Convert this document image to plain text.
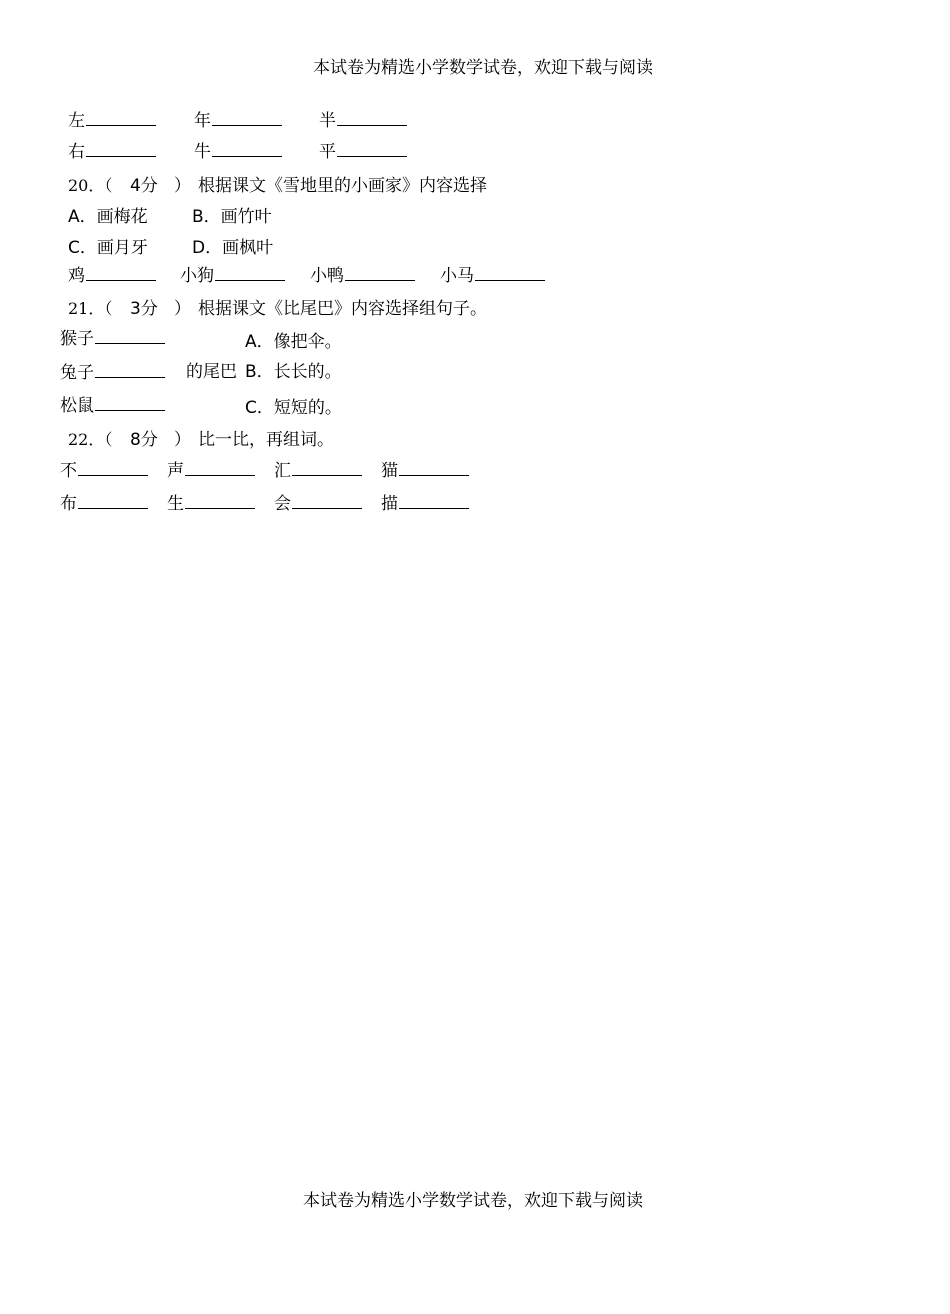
本试卷为精选小学数学试卷，欢迎下载与阅读
左	年	半
右	牛	平
20．（ 4分 ） 根据课文《雪地里的小画家》内容选择
A．画梅花	B．画竹叶
C．画月牙	D．画枫叶
鸡	小狗	小鸭	小马
21．（ 3分 ） 根据课文《比尾巴》内容选择组句子。
猴子	A．像把伞。
兔子	的尾巴 B．长长的。
松鼠	C．短短的。
22．（ 8分 ） 比一比，再组词。
不	声	汇	猫
布	生	会	描
本试卷为精选小学数学试卷，欢迎下载与阅读
